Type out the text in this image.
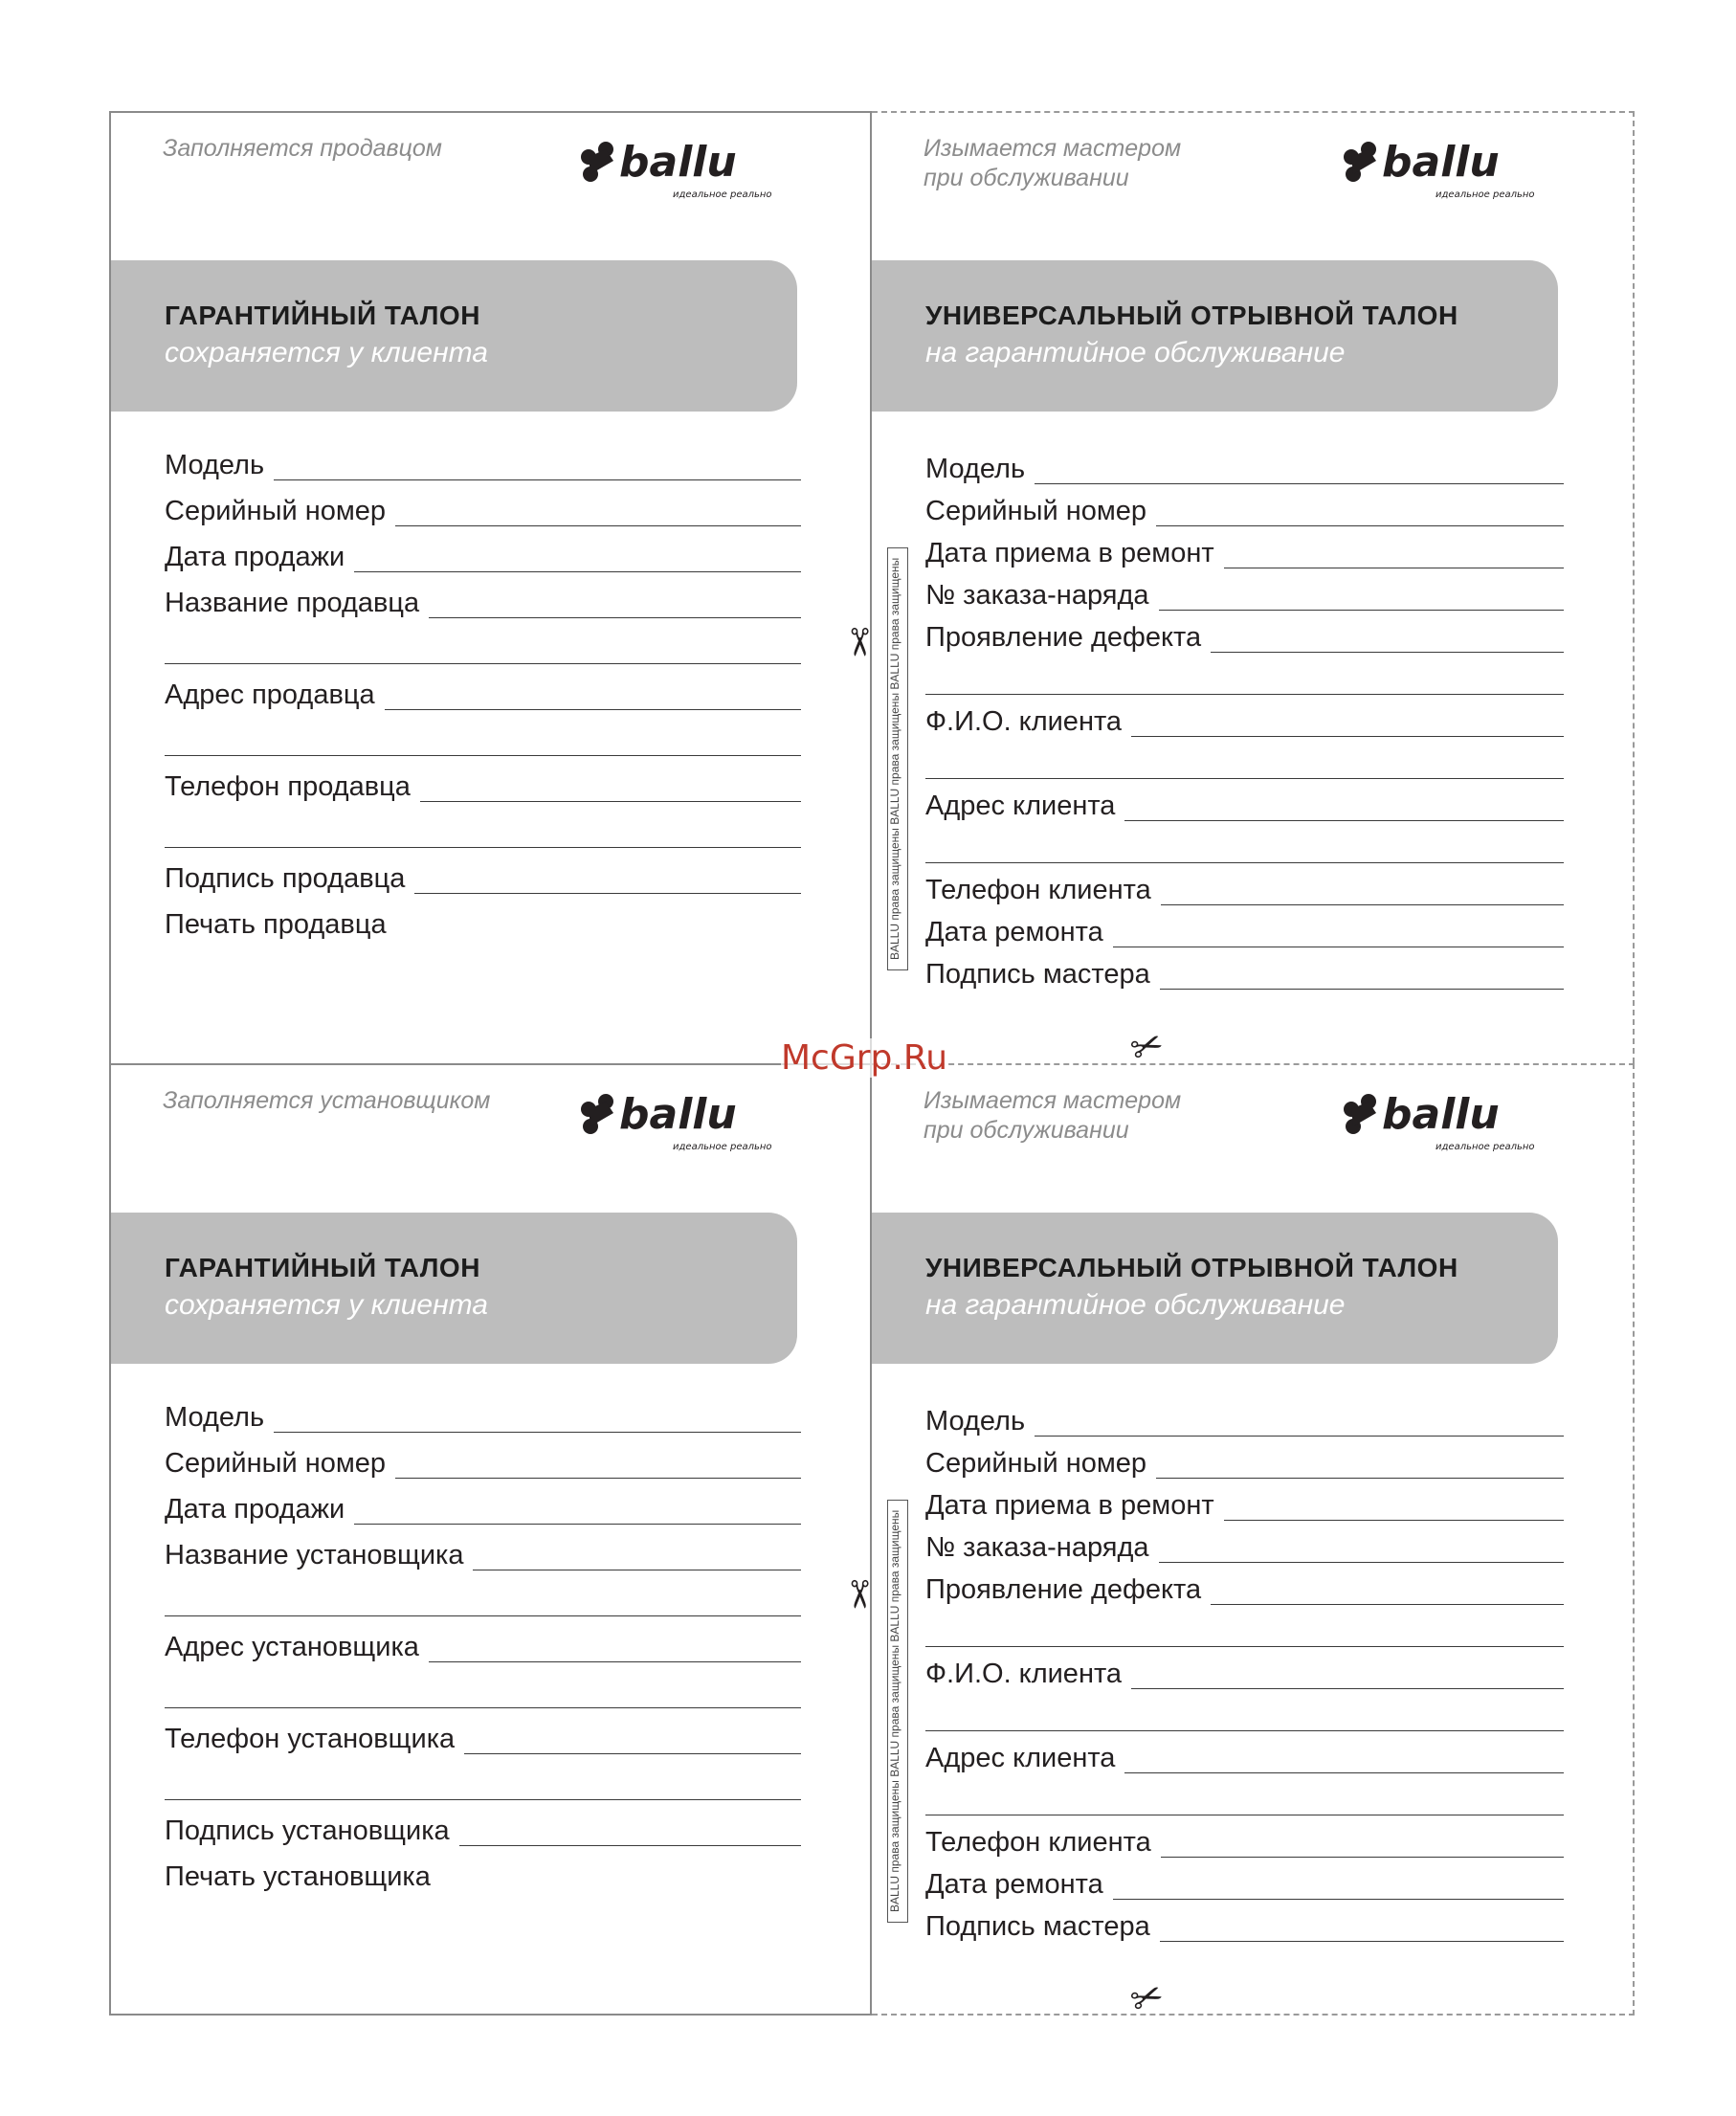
Заполняется продавцом	ballu
идеальное реально
ГАРАНТИЙНЫЙ ТАЛОН
сохраняется у клиента
Модель
Серийный номер
Дата продажи
Название продавца
Адрес продавца
Телефон продавца
Подпись продавца
Печать продавца
Заполняется установщиком	ballu
идеальное реально
ГАРАНТИЙНЫЙ ТАЛОН
сохраняется у клиента
Модель
Серийный номер
Дата продажи
Название установщика
Адрес установщика
Телефон установщика
Подпись установщика
Печать установщика
Изымается мастером
при обслуживании	ballu
идеальное реально
УНИВЕРСАЛЬНЫЙ ОТРЫВНОЙ ТАЛОН
на гарантийное обслуживание
Модель
Серийный номер
Дата приема в ремонт
№ заказа-наряда
Проявление дефекта
Ф.И.О. клиента
Адрес клиента
Телефон клиента
Дата ремонта
Подпись мастера
Изымается мастером
при обслуживании	ballu
идеальное реально
УНИВЕРСАЛЬНЫЙ ОТРЫВНОЙ ТАЛОН
на гарантийное обслуживание
Модель
Серийный номер
Дата приема в ремонт
№ заказа-наряда
Проявление дефекта
Ф.И.О. клиента
Адрес клиента
Телефон клиента
Дата ремонта
Подпись мастера
BALLU права защищены BALLU права защищены BALLU права защищены
BALLU права защищены BALLU права защищены BALLU права защищены
✂
✂
✂
✂
McGrp.Ru
